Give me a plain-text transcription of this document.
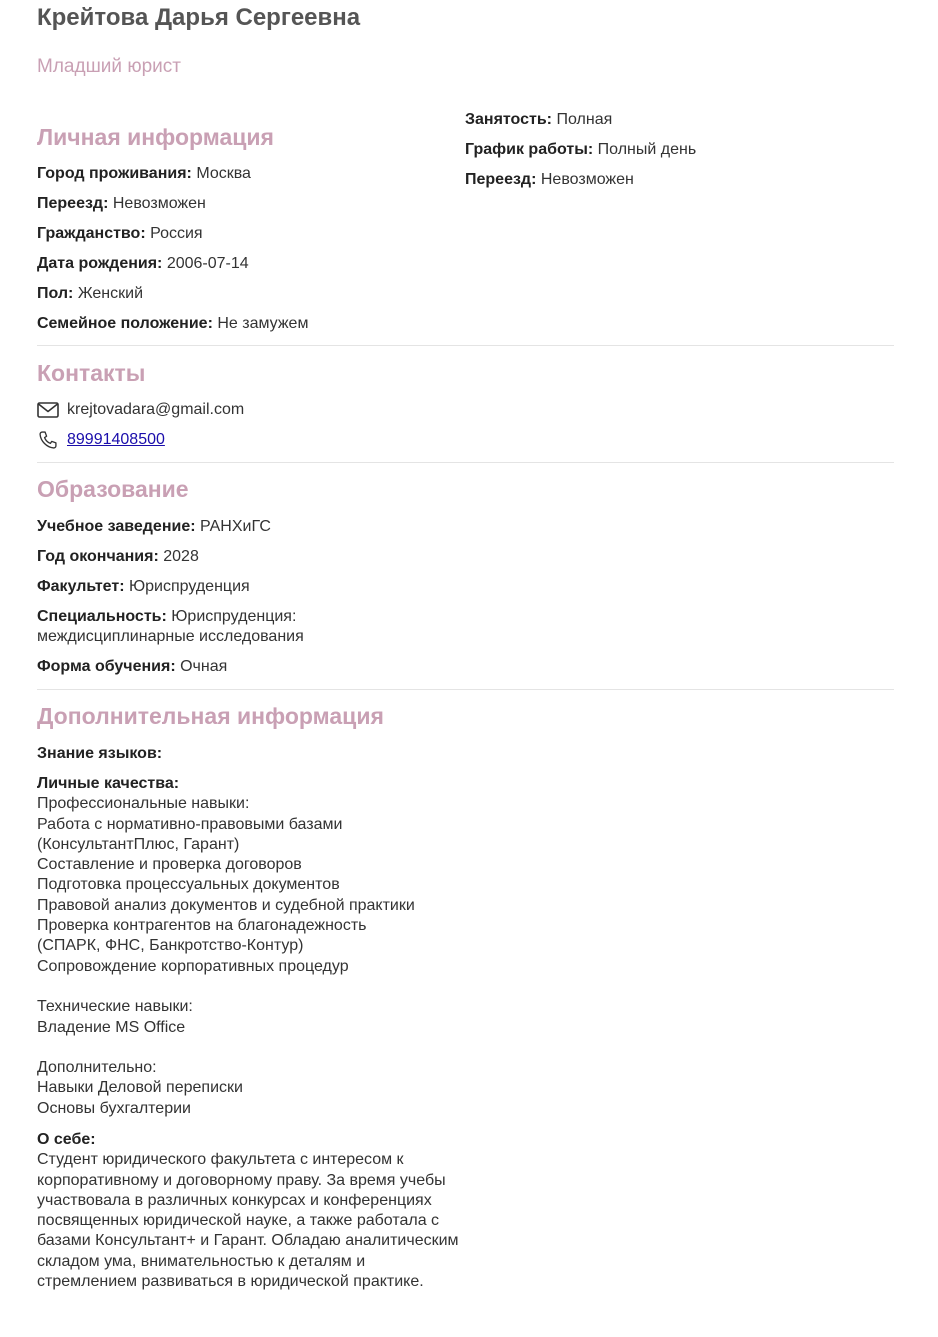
Крейтова Дарья Сергеевна
Младший юрист
Личная информация
Город проживания: Москва
Переезд: Невозможен
Гражданство: Россия
Дата рождения: 2006-07-14
Пол: Женский
Семейное положение: Не замужем
Занятость: Полная
График работы: Полный день
Переезд: Невозможен
Контакты
krejtovadara@gmail.com
89991408500
Образование
Учебное заведение: РАНХиГС
Год окончания: 2028
Факультет: Юриспруденция
Специальность: Юриспруденция:
междисциплинарные исследования
Форма обучения: Очная
Дополнительная информация
Знание языков:
Личные качества:
Профессиональные навыки:
Работа с нормативно-правовыми базами
(КонсультантПлюс, Гарант)
Составление и проверка договоров
Подготовка процессуальных документов
Правовой анализ документов и судебной практики
Проверка контрагентов на благонадежность
(СПАРК, ФНС, Банкротство-Контур)
Сопровождение корпоративных процедур

Технические навыки:
Владение MS Office

Дополнительно:
Навыки Деловой переписки
Основы бухгалтерии
О себе:
Студент юридического факультета с интересом к корпоративному и договорному праву. За время учебы участвовала в различных конкурсах и конференциях посвященных юридической науке, а также работала с базами Консультант+ и Гарант. Обладаю аналитическим складом ума, внимательностью к деталям и стремлением развиваться в юридической практике.
